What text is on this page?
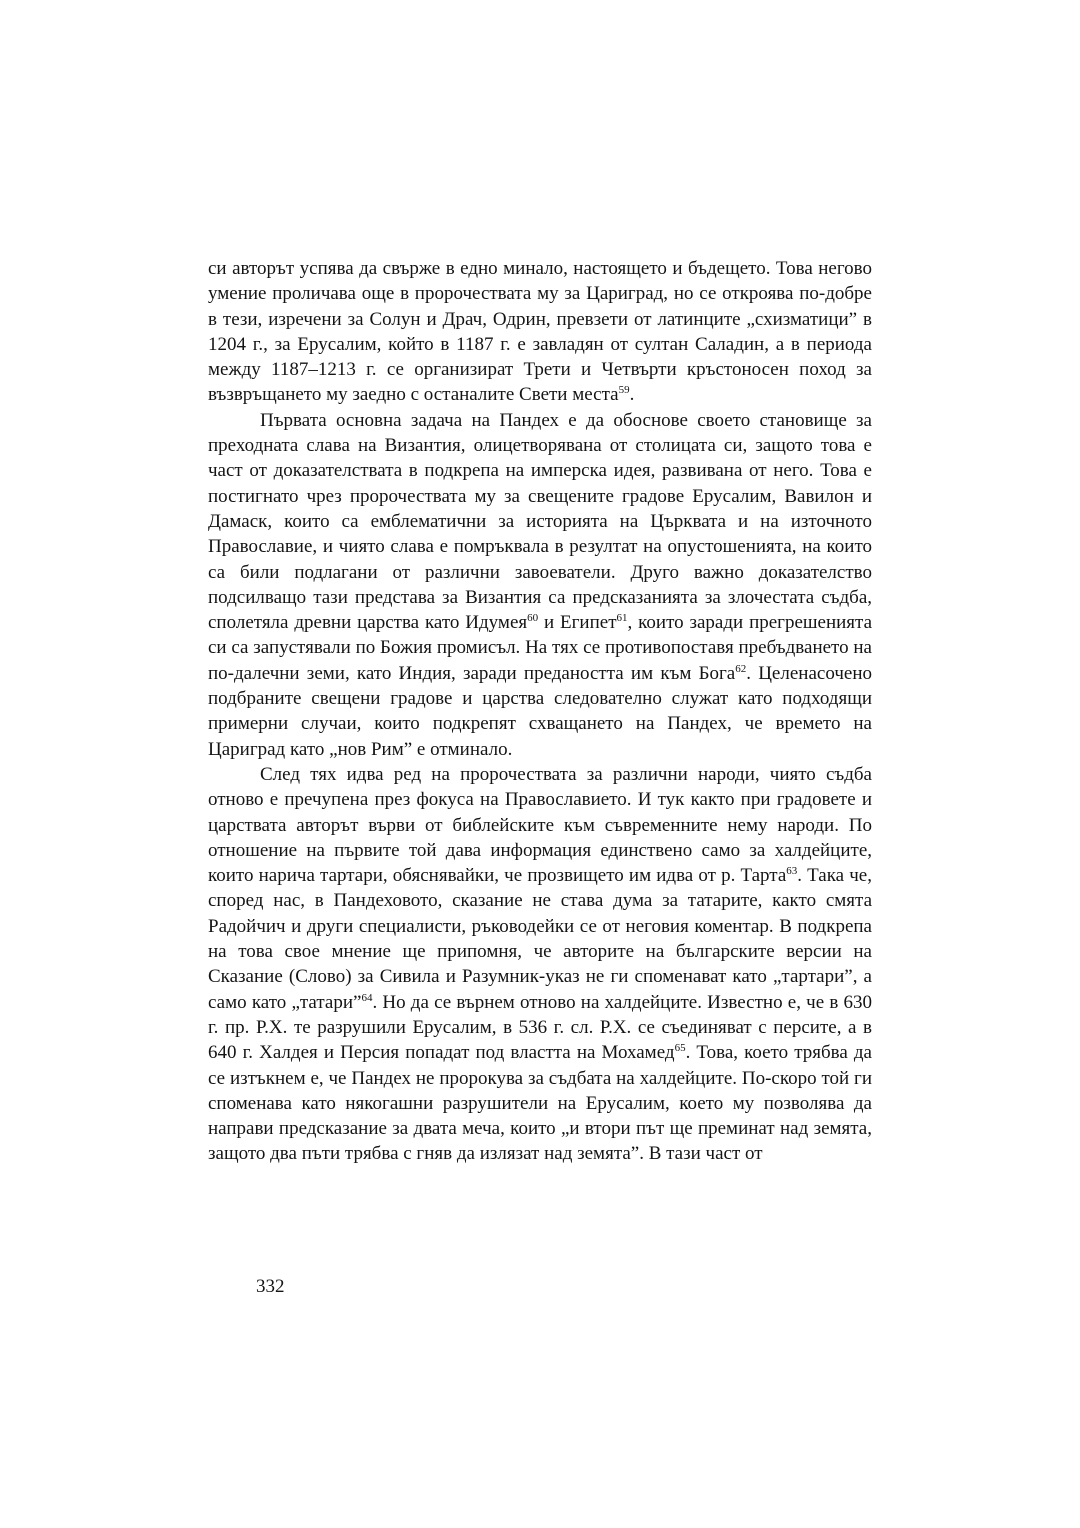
си авторът успява да свърже в едно минало, настоящето и бъдещето. Това негово умение проличава още в пророчествата му за Цариград, но се откроява по-добре в тези, изречени за Солун и Драч, Одрин, превзети от латинците „схизматици” в 1204 г., за Ерусалим, който в 1187 г. е завладян от султан Саладин, а в периода между 1187–1213 г. се организират Трети и Четвърти кръстоносен поход за възвръщането му заедно с останалите Свети места$^{59}$.

Първата основна задача на Пандех е да обоснове своето становище за преходната слава на Византия, олицетворявана от столицата си, защото това е част от доказателствата в подкрепа на имперска идея, развивана от него. Това е постигнато чрез пророчествата му за свещените градове Ерусалим, Вавилон и Дамаск, които са емблематични за историята на Църквата и на източното Православие, и чиято слава е помръквала в резултат на опустошенията, на които са били подлагани от различни завоеватели. Друго важно доказателство подсилващо тази представа за Византия са предсказанията за злочестата съдба, сполетяла древни царства като Идумея$^{60}$ и Египет$^{61}$, които заради прегрешенията си са запустявали по Божия промисъл. На тях се противопоставя пребъдването на по-далечни земи, като Индия, заради предаността им към Бога$^{62}$. Целенасочено подбраните свещени градове и царства следователно служат като подходящи примерни случаи, които подкрепят схващането на Пандех, че времето на Цариград като „нов Рим” е отминало.

След тях идва ред на пророчествата за различни народи, чиято съдба отново е пречупена през фокуса на Православието. И тук както при градовете и царствата авторът върви от библейските към съвременните нему народи. По отношение на първите той дава информация единствено само за халдейците, които нарича тартари, обяснявайки, че прозвището им идва от р. Тарта$^{63}$. Така че, според нас, в Пандеховото, сказание не става дума за татарите, както смята Радойчич и други специалисти, ръководейки се от неговия коментар. В подкрепа на това свое мнение ще припомня, че авторите на българските версии на Сказание (Слово) за Сивила и Разумник-указ не ги споменават като „тартари”, а само като „татари”$^{64}$. Но да се върнем отново на халдейците. Известно е, че в 630 г. пр. Р.Х. те разрушили Ерусалим, в 536 г. сл. Р.Х. се съединяват с персите, а в 640 г. Халдея и Персия попадат под властта на Мохамед$^{65}$. Това, което трябва да се изтъкнем е, че Пандех не пророкува за съдбата на халдейците. По-скоро той ги споменава като някогашни разрушители на Ерусалим, което му позволява да направи предсказание за двата меча, които „и втори път ще преминат над земята, защото два пъти трябва с гняв да излязат над земята”. В тази част от

332
